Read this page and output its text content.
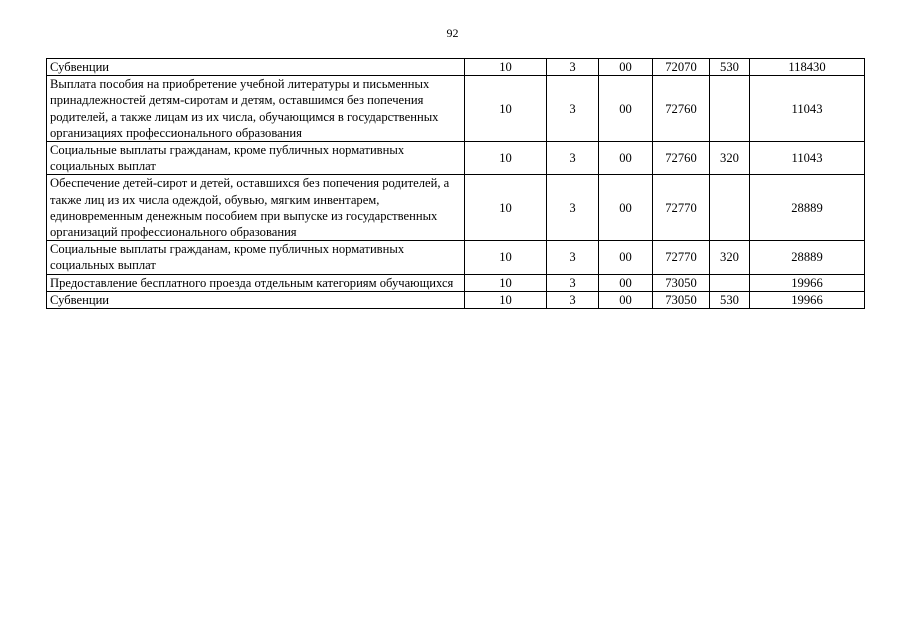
92
Субвенции	10	3	00	72070	530	118430
Выплата пособия на приобретение учебной литературы и письменных принадлежностей детям-сиротам и детям, оставшимся без попечения родителей, а также лицам из их числа, обучающимся в государственных организациях профессионального образования	10	3	00	72760		11043
Социальные выплаты гражданам, кроме публичных нормативных социальных выплат	10	3	00	72760	320	11043
Обеспечение детей-сирот и детей, оставшихся без попечения родителей, а также лиц из их числа одеждой, обувью, мягким инвентарем, единовременным денежным пособием при выпуске из государственных организаций профессионального образования	10	3	00	72770		28889
Социальные выплаты гражданам, кроме публичных нормативных социальных выплат	10	3	00	72770	320	28889
Предоставление бесплатного проезда отдельным категориям обучающихся	10	3	00	73050		19966
Субвенции	10	3	00	73050	530	19966
